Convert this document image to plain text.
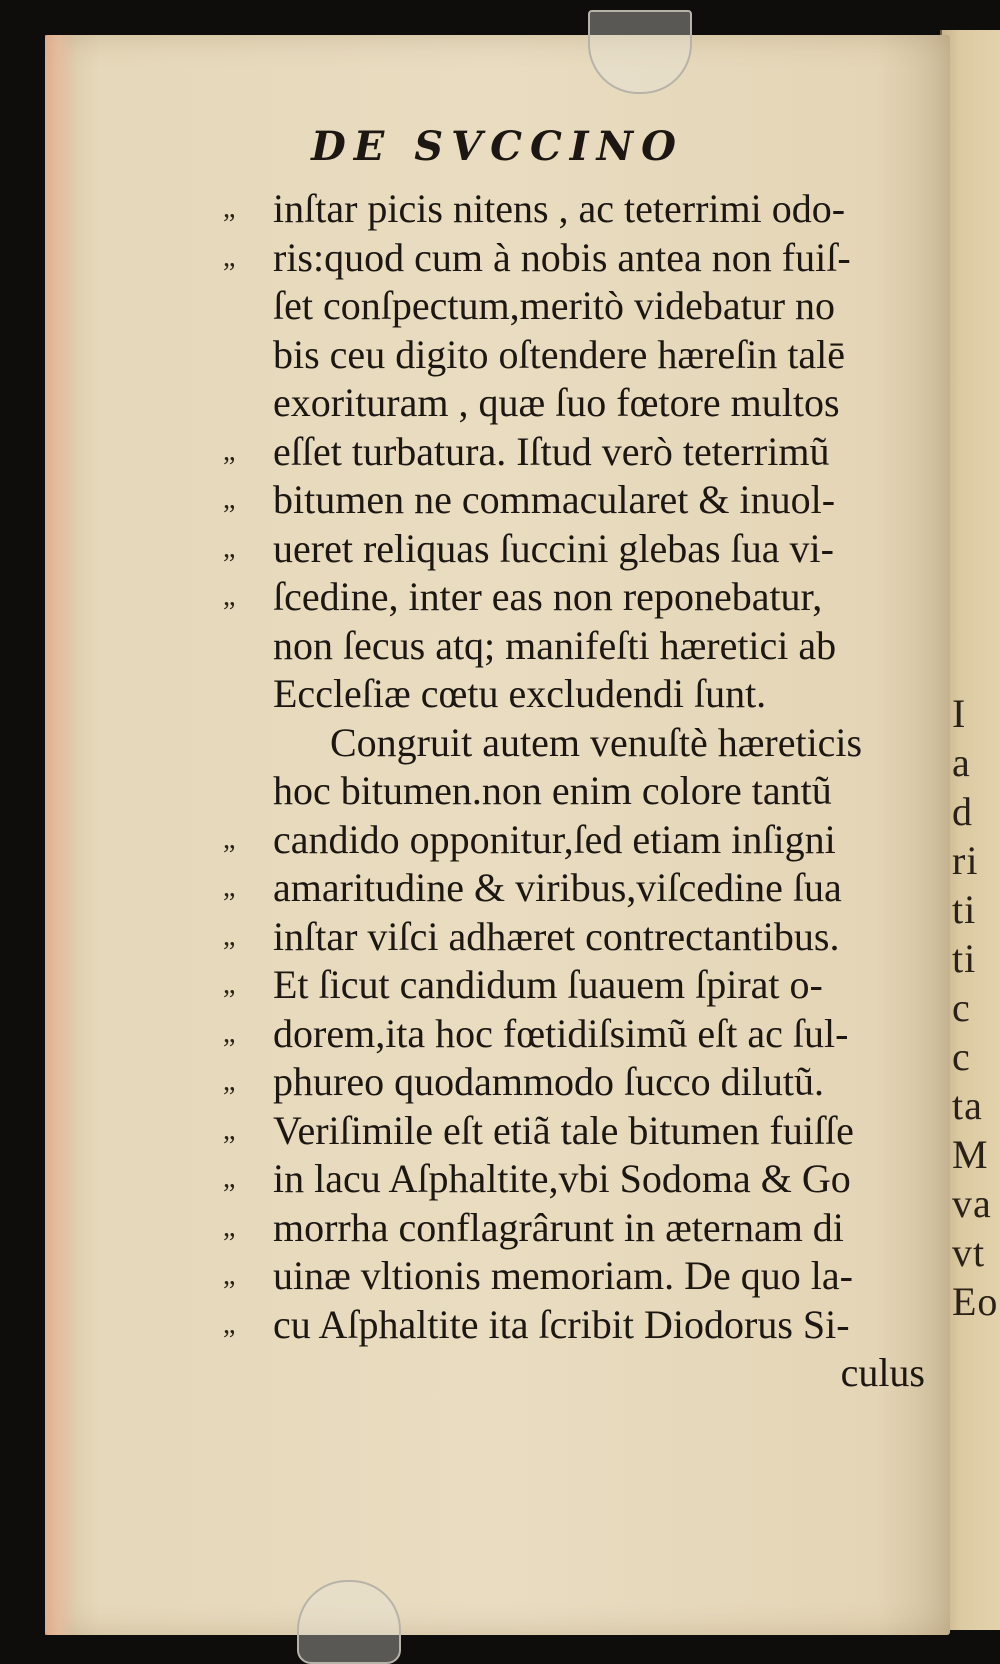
I
a
d
ri
ti
ti
c
c
ta
M
va
vt
Eo
DE SVCCINO
„ inſtar picis nitens , ac teterrimi odo-
„ ris:quod cum à nobis antea non fuiſ-
ſet conſpectum,meritò videbatur no
bis ceu digito oſtendere hæreſin talē
exorituram , quæ ſuo fœtore multos
„ eſſet turbatura. Iſtud verò teterrimũ
„ bitumen ne commacularet & inuol-
„ ueret reliquas ſuccini glebas ſua vi-
„ ſcedine, inter eas non reponebatur,
non ſecus atq; manifeſti hæretici ab
Eccleſiæ cœtu excludendi ſunt.
Congruit autem venuſtè hæreticis
hoc bitumen.non enim colore tantũ
„ candido opponitur,ſed etiam inſigni
„ amaritudine & viribus,viſcedine ſua
„ inſtar viſci adhæret contrectantibus.
„ Et ſicut candidum ſuauem ſpirat o-
„ dorem,ita hoc fœtidiſsimũ eſt ac ſul-
„ phureo quodammodo ſucco dilutũ.
„ Veriſimile eſt etiã tale bitumen fuiſſe
„ in lacu Aſphaltite,vbi Sodoma & Go
„ morrha conflagrârunt in æternam di
„ uinæ vltionis memoriam. De quo la-
„ cu Aſphaltite ita ſcribit Diodorus Si-
culus
